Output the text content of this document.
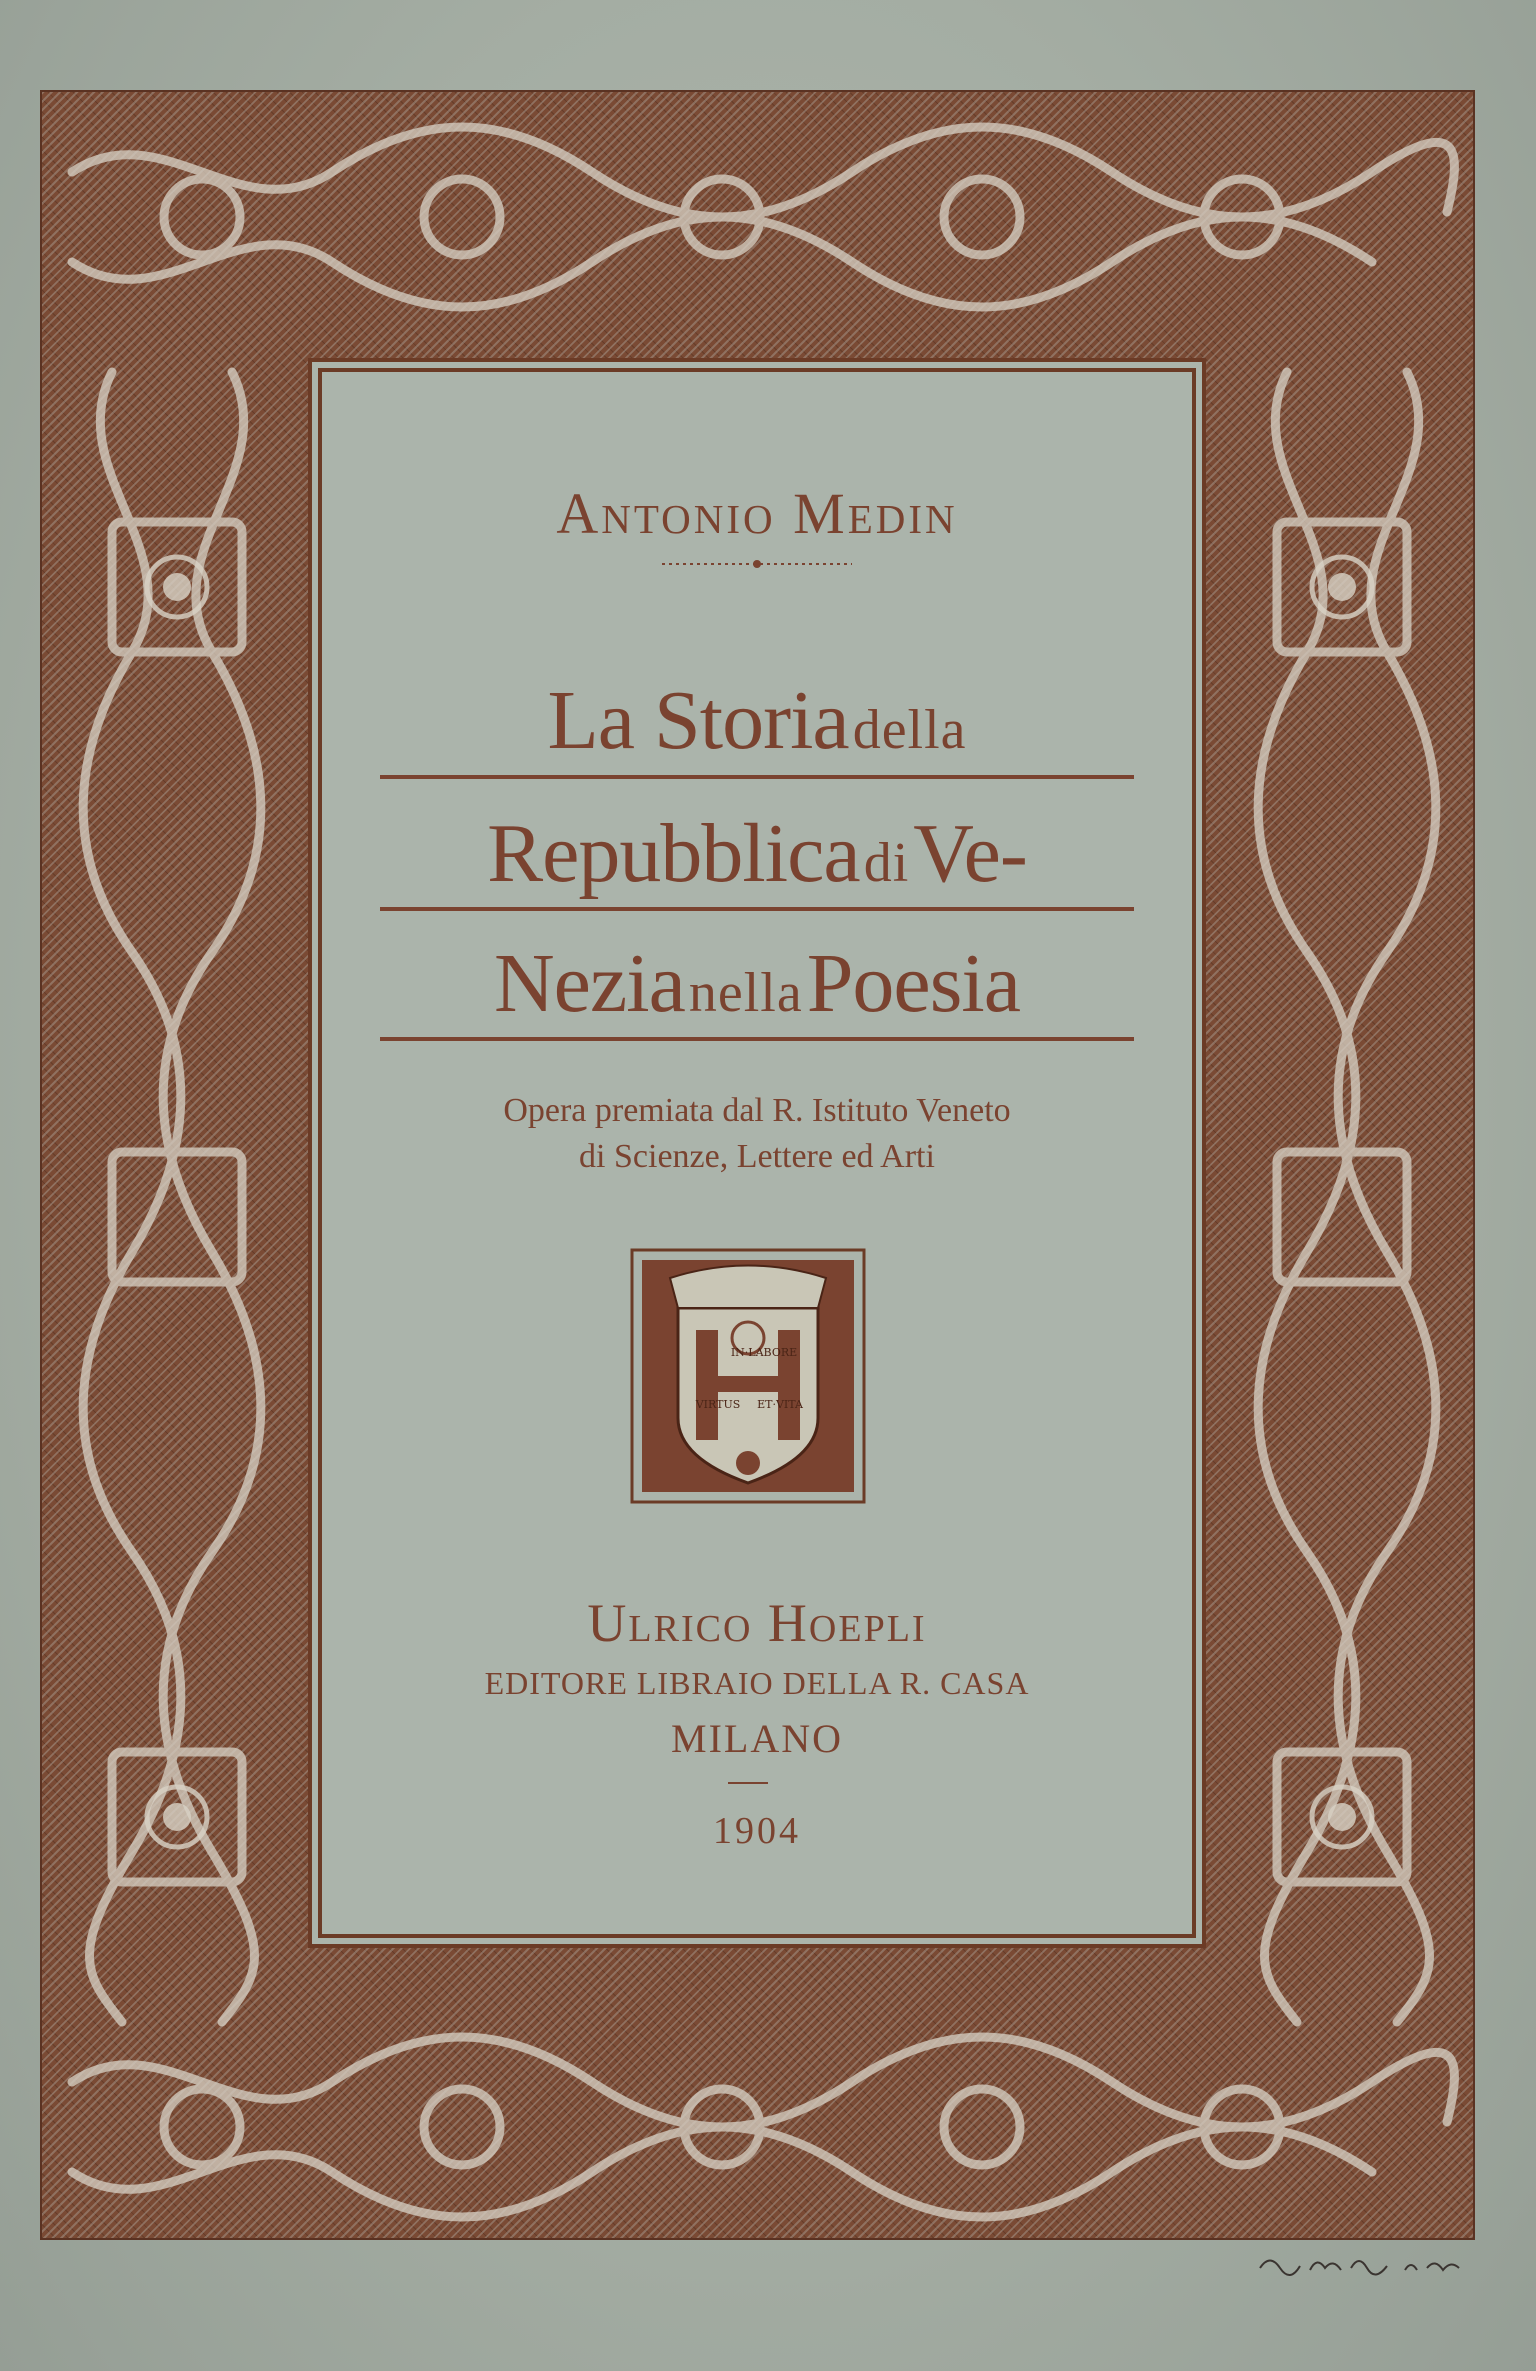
Antonio Medin

La Storia della
Repubblica di Ve-
Nezia nella Poesia

Opera premiata dal R. Istituto Veneto

di Scienze, Lettere ed Arti

IN·LABORE
VIRTUS ET·VITA

Ulrico Hoepli

EDITORE LIBRAIO DELLA R. CASA

MILANO

1904
